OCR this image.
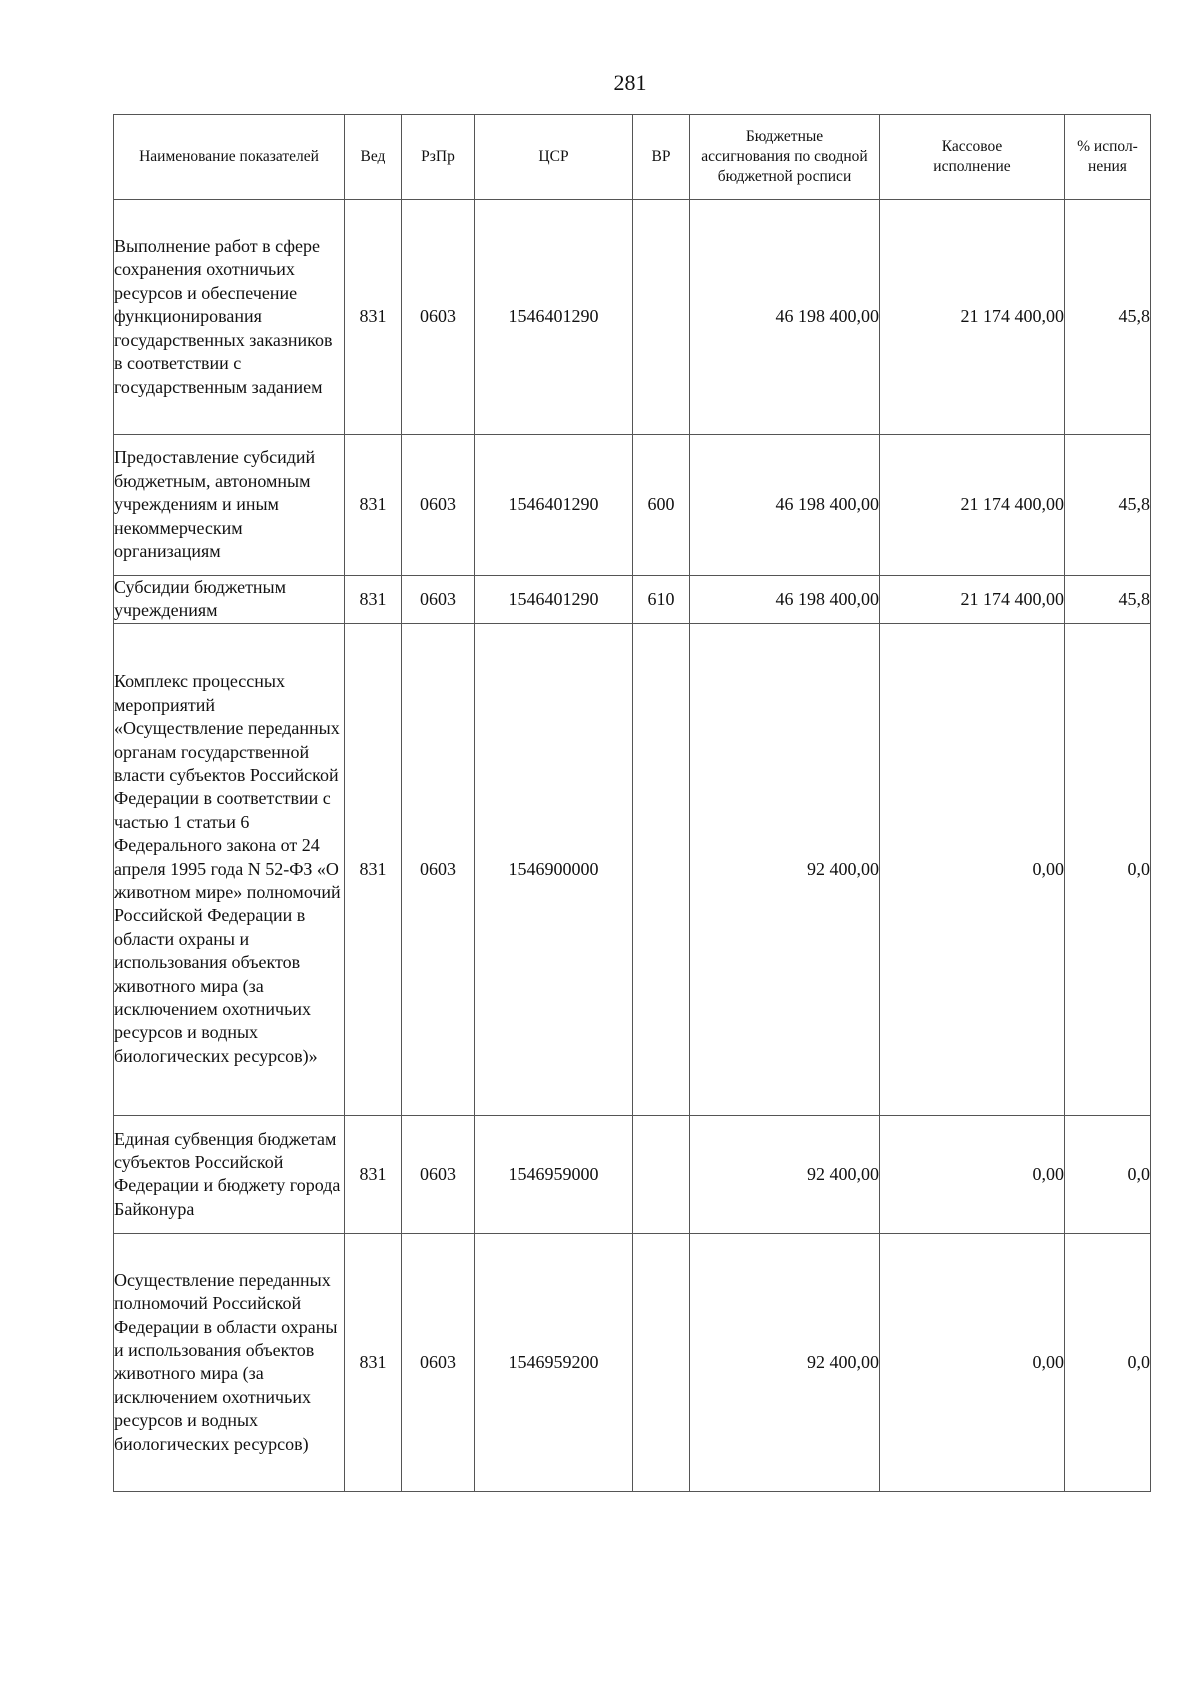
281
Наименование показателей	Вед	РзПр	ЦСР	ВР	Бюджетные ассигнования по сводной бюджетной росписи	Кассовое исполнение	% испол-нения
Выполнение работ в сфере сохранения охотничьих ресурсов и обеспечение функционирования государственных заказников в соответствии с государственным заданием	831	0603	1546401290		46 198 400,00	21 174 400,00	45,8
Предоставление субсидий бюджетным, автономным учреждениям и иным некоммерческим организациям	831	0603	1546401290	600	46 198 400,00	21 174 400,00	45,8
Субсидии бюджетным учреждениям	831	0603	1546401290	610	46 198 400,00	21 174 400,00	45,8
Комплекс процессных мероприятий «Осуществление переданных органам государственной власти субъектов Российской Федерации в соответствии с частью 1 статьи 6 Федерального закона от 24 апреля 1995 года N 52-ФЗ «О животном мире» полномочий Российской Федерации в области охраны и использования объектов животного мира (за исключением охотничьих ресурсов и водных биологических ресурсов)»	831	0603	1546900000		92 400,00	0,00	0,0
Единая субвенция бюджетам субъектов Российской Федерации и бюджету города Байконура	831	0603	1546959000		92 400,00	0,00	0,0
Осуществление переданных полномочий Российской Федерации в области охраны и использования объектов животного мира (за исключением охотничьих ресурсов и водных биологических ресурсов)	831	0603	1546959200		92 400,00	0,00	0,0
